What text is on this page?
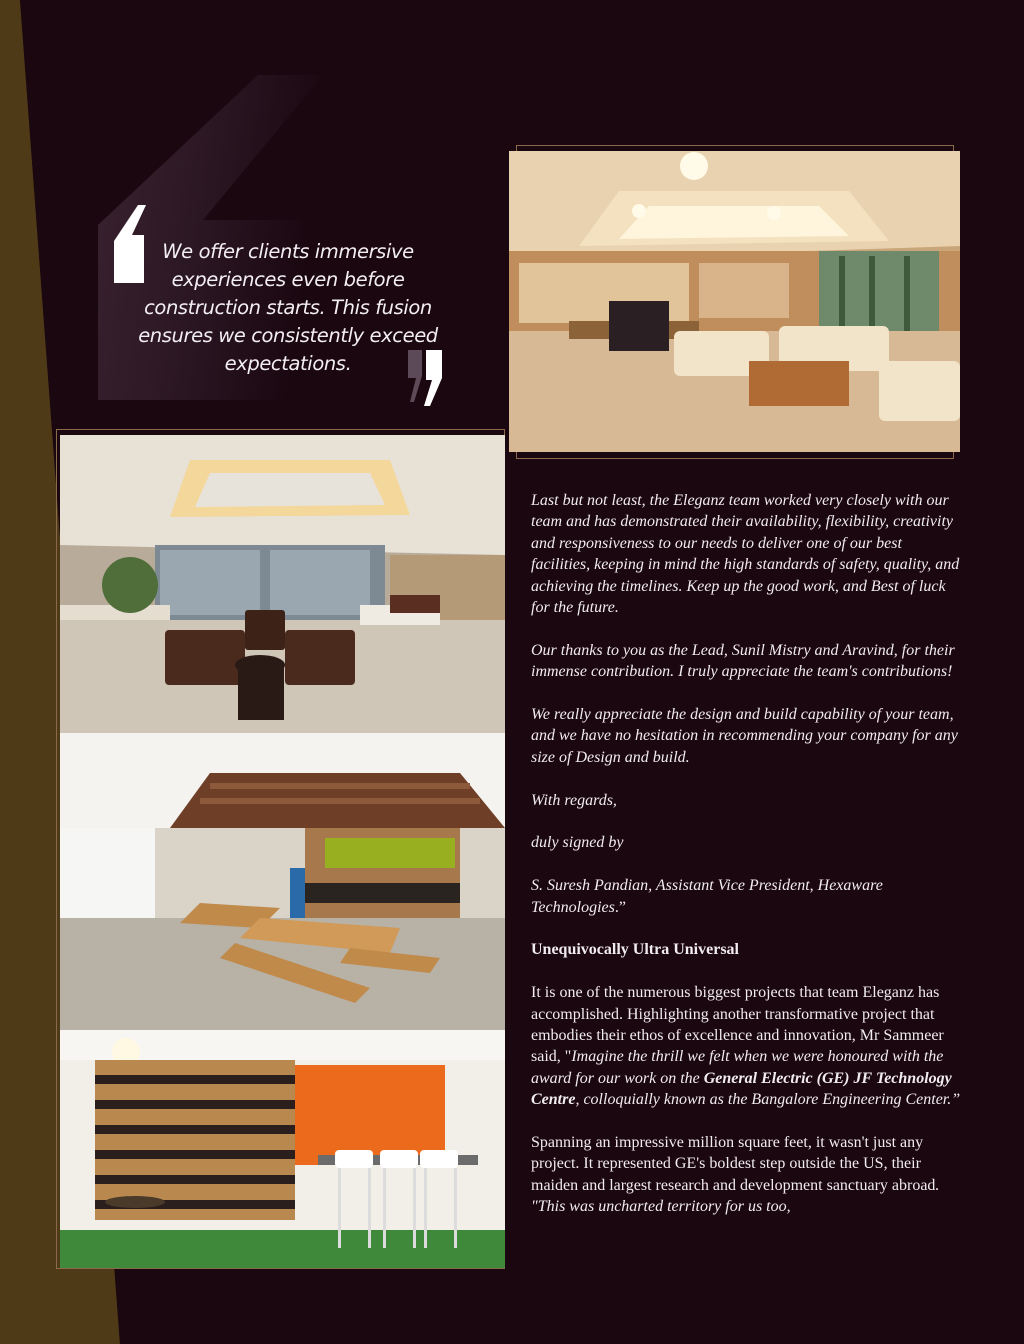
We offer clients immersive experiences even before construction starts. This fusion ensures we consistently exceed expectations.

Last but not least, the Eleganz team worked very closely with our team and has demonstrated their availability, flexibility, creativity and responsiveness to our needs to deliver one of our best facilities, keeping in mind the high standards of safety, quality, and achieving the timelines. Keep up the good work, and Best of luck for the future.

Our thanks to you as the Lead, Sunil Mistry and Aravind, for their immense contribution. I truly appreciate the team's contributions!

We really appreciate the design and build capability of your team, and we have no hesitation in recommending your company for any size of Design and build.

With regards,

duly signed by

S. Suresh Pandian, Assistant Vice President, Hexaware Technologies.”

Unequivocally Ultra Universal

It is one of the numerous biggest projects that team Eleganz has accomplished. Highlighting another transformative project that embodies their ethos of excellence and innovation, Mr Sammeer said, "Imagine the thrill we felt when we were honoured with the award for our work on the General Electric (GE) JF Technology Centre, colloquially known as the Bangalore Engineering Center.”

Spanning an impressive million square feet, it wasn't just any project. It represented GE's boldest step outside the US, their maiden and largest research and development sanctuary abroad. "This was uncharted territory for us too,
